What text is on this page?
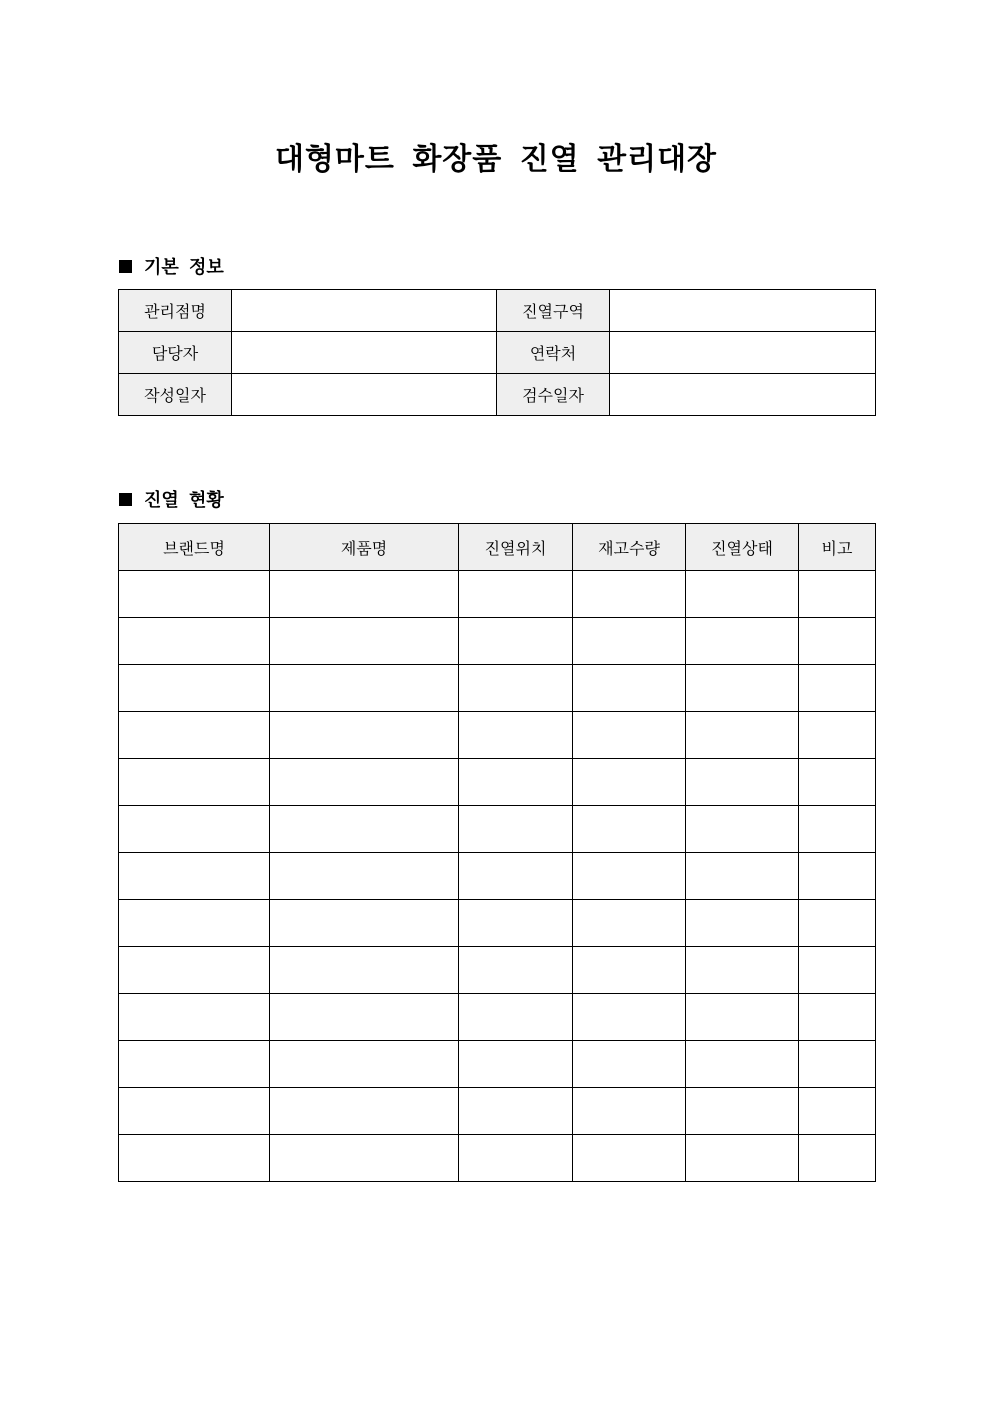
대형마트 화장품 진열 관리대장
기본 정보
관리점명		진열구역	
담당자		연락처	
작성일자		검수일자	
진열 현황
브랜드명	제품명	진열위치	재고수량	진열상태	비고
